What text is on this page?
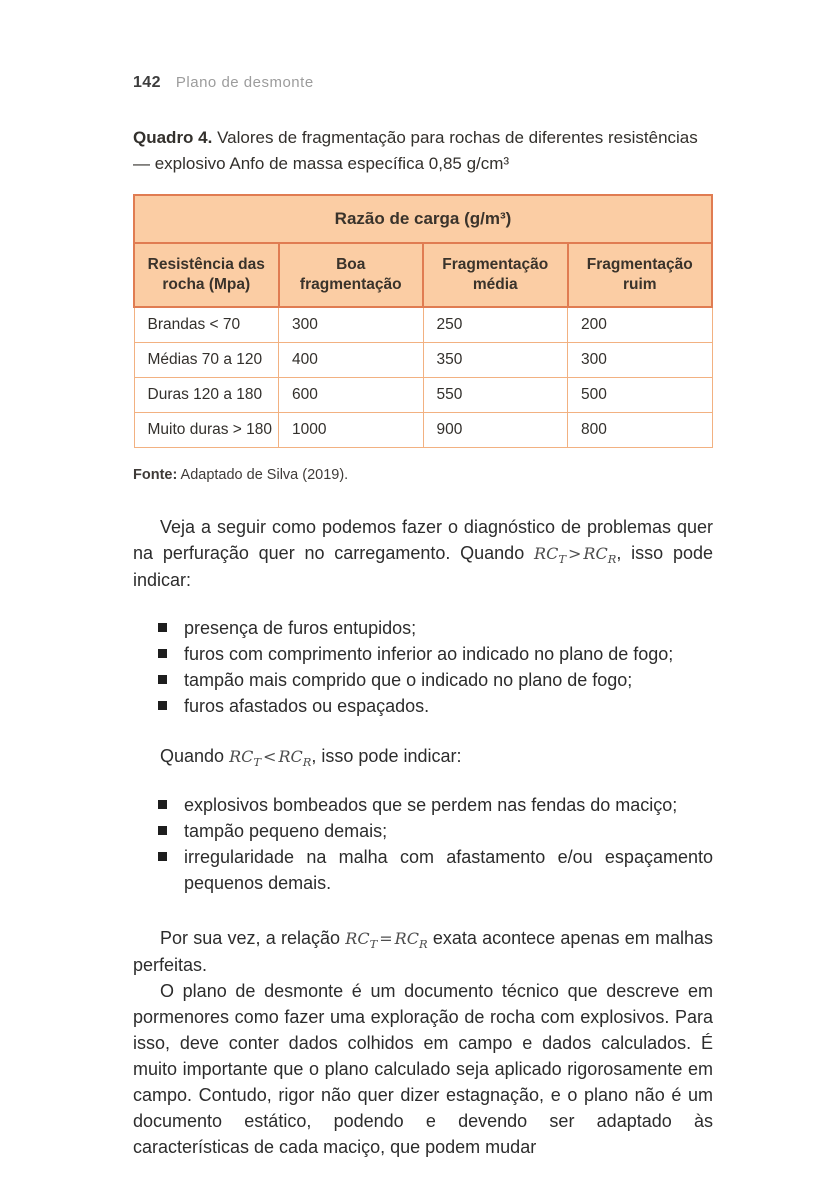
142 Plano de desmonte

Quadro 4. Valores de fragmentação para rochas de diferentes resistências — explosivo Anfo de massa específica 0,85 g/cm³

Razão de carga (g/m³)			
Resistência das rocha (Mpa)	Boa fragmentação	Fragmentação média	Fragmentação ruim
Brandas < 70	300	250	200
Médias 70 a 120	400	350	300
Duras 120 a 180	600	550	500
Muito duras > 180	1000	900	800

Fonte: Adaptado de Silva (2019).

Veja a seguir como podemos fazer o diagnóstico de problemas quer na perfuração quer no carregamento. Quando $RC_T > RC_R$, isso pode indicar:

presença de furos entupidos;
furos com comprimento inferior ao indicado no plano de fogo;
tampão mais comprido que o indicado no plano de fogo;
furos afastados ou espaçados.

Quando $RC_T < RC_R$, isso pode indicar:

explosivos bombeados que se perdem nas fendas do maciço;
tampão pequeno demais;
irregularidade na malha com afastamento e/ou espaçamento pequenos demais.

Por sua vez, a relação $RC_T = RC_R$ exata acontece apenas em malhas perfeitas.

O plano de desmonte é um documento técnico que descreve em pormenores como fazer uma exploração de rocha com explosivos. Para isso, deve conter dados colhidos em campo e dados calculados. É muito importante que o plano calculado seja aplicado rigorosamente em campo. Contudo, rigor não quer dizer estagnação, e o plano não é um documento estático, podendo e devendo ser adaptado às características de cada maciço, que podem mudar
